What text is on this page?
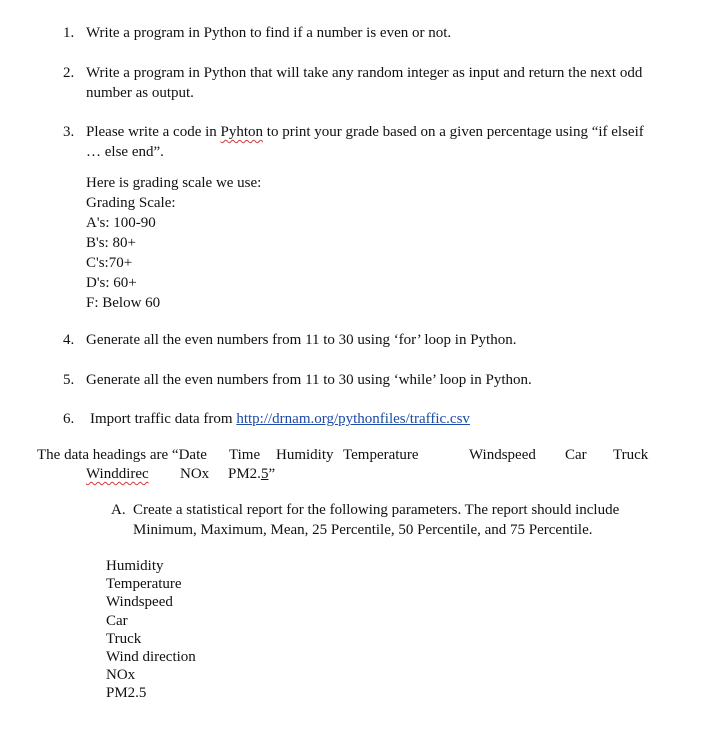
1. Write a program in Python to find if a number is even or not.
2. Write a program in Python that will take any random integer as input and return the next odd number as output.
3. Please write a code in Pyhton to print your grade based on a given percentage using “if elseif … else end”.
Here is grading scale we use:
Grading Scale:
A's: 100-90
B's: 80+
C's:70+
D's: 60+
F: Below 60
4. Generate all the even numbers from 11 to 30 using ‘for’ loop in Python.
5. Generate all the even numbers from 11 to 30 using ‘while’ loop in Python.
6. Import traffic data from http://drnam.org/pythonfiles/traffic.csv
The data headings are “Date Time Humidity Temperature	Windspeed Car Truck
Winddirec NOx PM2.5”
A. Create a statistical report for the following parameters. The report should include Minimum, Maximum, Mean, 25 Percentile, 50 Percentile, and 75 Percentile.
Humidity
Temperature
Windspeed
Car
Truck
Wind direction
NOx
PM2.5
